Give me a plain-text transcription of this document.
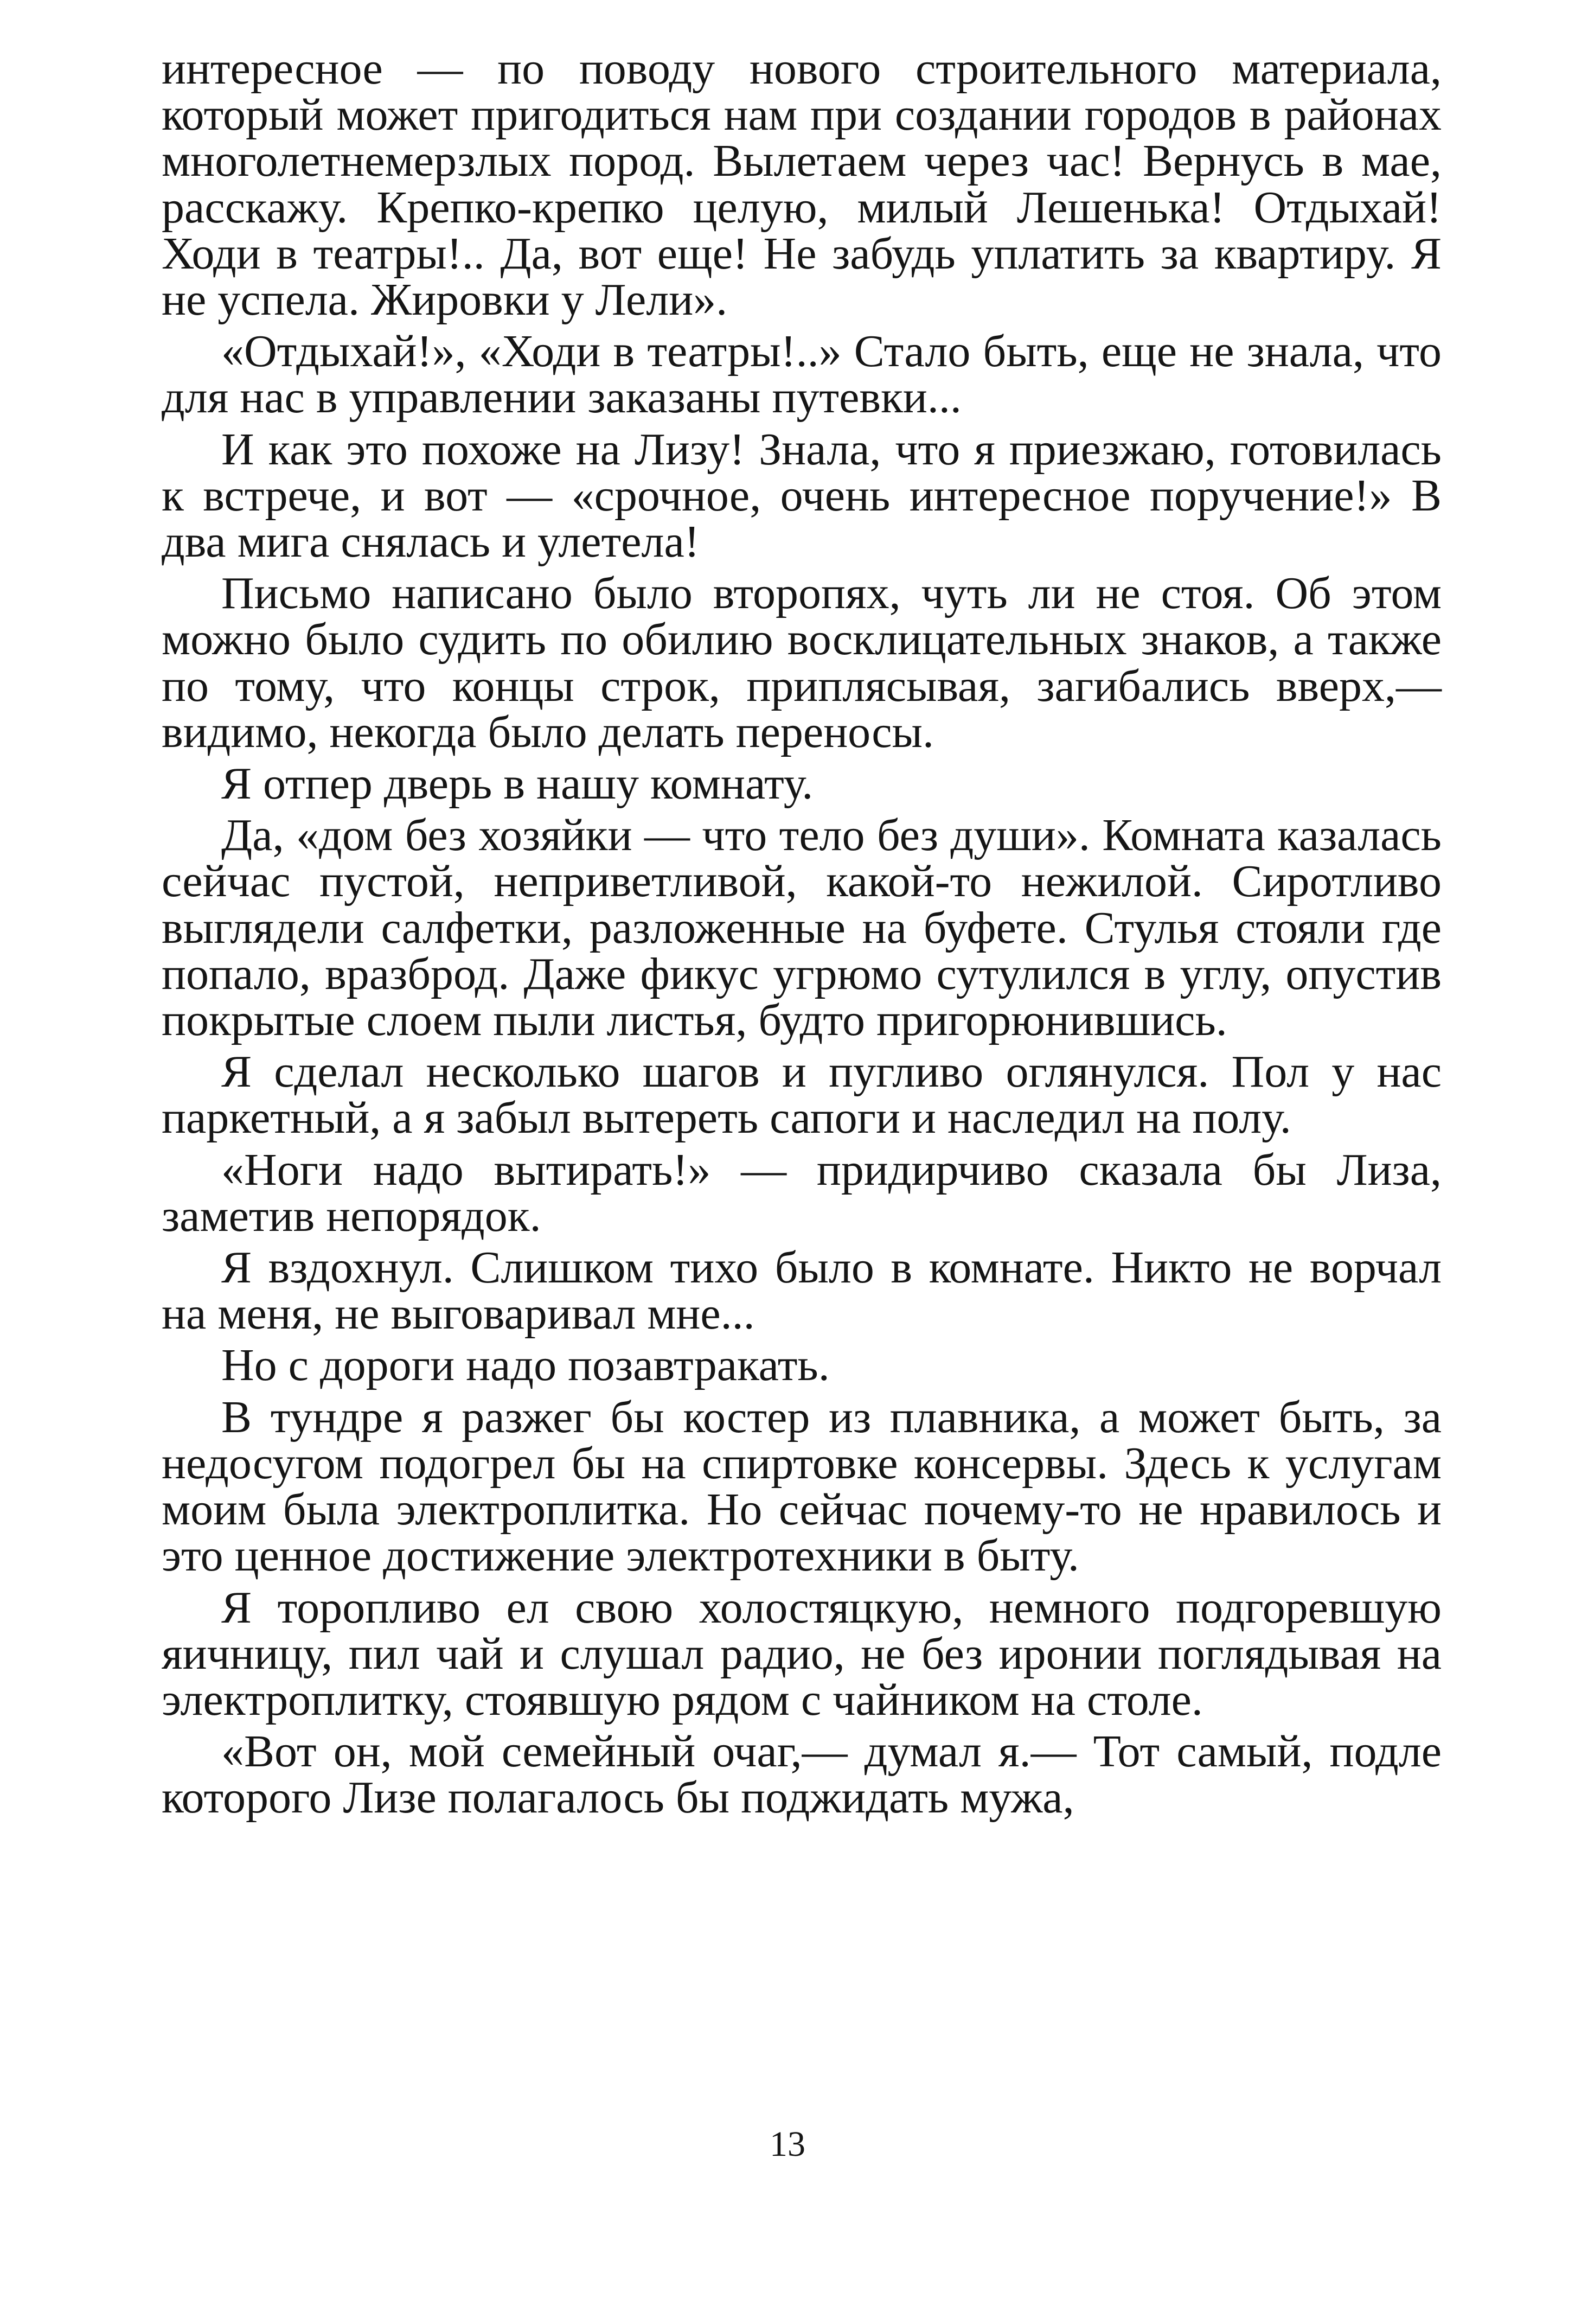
интересное — по поводу нового строительного материала, который может пригодиться нам при создании городов в районах многолетнемерзлых пород. Вылетаем через час! Вернусь в мае, расскажу. Крепко-крепко целую, милый Лешенька! Отдыхай! Ходи в театры!.. Да, вот еще! Не забудь уплатить за квартиру. Я не успела. Жировки у Лели».

«Отдыхай!», «Ходи в театры!..» Стало быть, еще не знала, что для нас в управлении заказаны путевки...

И как это похоже на Лизу! Знала, что я приезжаю, готовилась к встрече, и вот — «срочное, очень интересное поручение!» В два мига снялась и улетела!

Письмо написано было второпях, чуть ли не стоя. Об этом можно было судить по обилию восклицательных знаков, а также по тому, что концы строк, приплясывая, загибались вверх,— видимо, некогда было делать переносы.

Я отпер дверь в нашу комнату.

Да, «дом без хозяйки — что тело без души». Комната казалась сейчас пустой, неприветливой, какой-то нежилой. Сиротливо выглядели салфетки, разложенные на буфете. Стулья стояли где попало, вразброд. Даже фикус угрюмо сутулился в углу, опустив покрытые слоем пыли листья, будто пригорюнившись.

Я сделал несколько шагов и пугливо оглянулся. Пол у нас паркетный, а я забыл вытереть сапоги и наследил на полу.

«Ноги надо вытирать!» — придирчиво сказала бы Лиза, заметив непорядок.

Я вздохнул. Слишком тихо было в комнате. Никто не ворчал на меня, не выговаривал мне...

Но с дороги надо позавтракать.

В тундре я разжег бы костер из плавника, а может быть, за недосугом подогрел бы на спиртовке консервы. Здесь к услугам моим была электроплитка. Но сейчас почему-то не нравилось и это ценное достижение электротехники в быту.

Я торопливо ел свою холостяцкую, немного подгоревшую яичницу, пил чай и слушал радио, не без иронии поглядывая на электроплитку, стоявшую рядом с чайником на столе.

«Вот он, мой семейный очаг,— думал я.— Тот самый, подле которого Лизе полагалось бы поджидать мужа,

13
